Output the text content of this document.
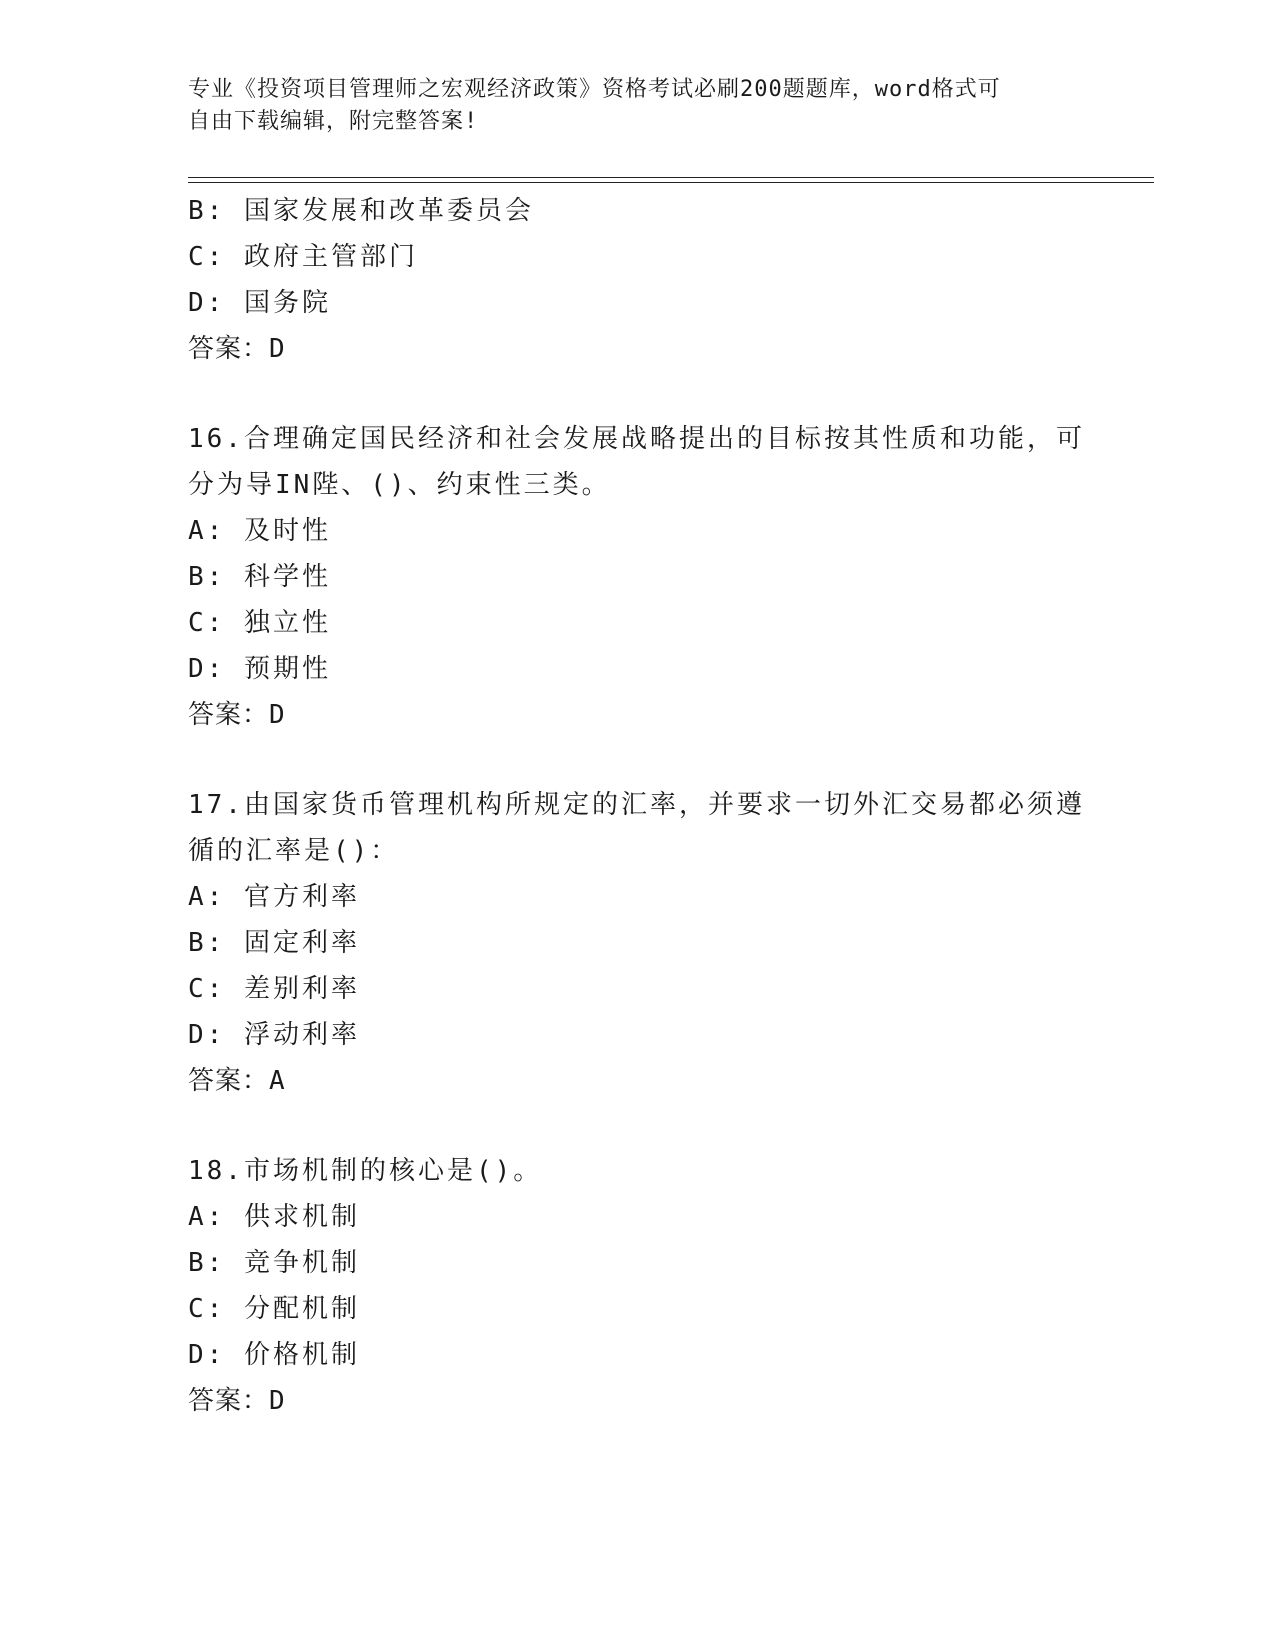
专业《投资项目管理师之宏观经济政策》资格考试必刷200题题库，word格式可
自由下载编辑，附完整答案!
B: 国家发展和改革委员会
C: 政府主管部门
D: 国务院
答案：D
16.合理确定国民经济和社会发展战略提出的目标按其性质和功能，可
分为导IN陛、()、约束性三类。
A: 及时性
B: 科学性
C: 独立性
D: 预期性
答案：D
17.由国家货币管理机构所规定的汇率，并要求一切外汇交易都必须遵
循的汇率是()：
A: 官方利率
B: 固定利率
C: 差别利率
D: 浮动利率
答案：A
18.市场机制的核心是()。
A: 供求机制
B: 竞争机制
C: 分配机制
D: 价格机制
答案：D
